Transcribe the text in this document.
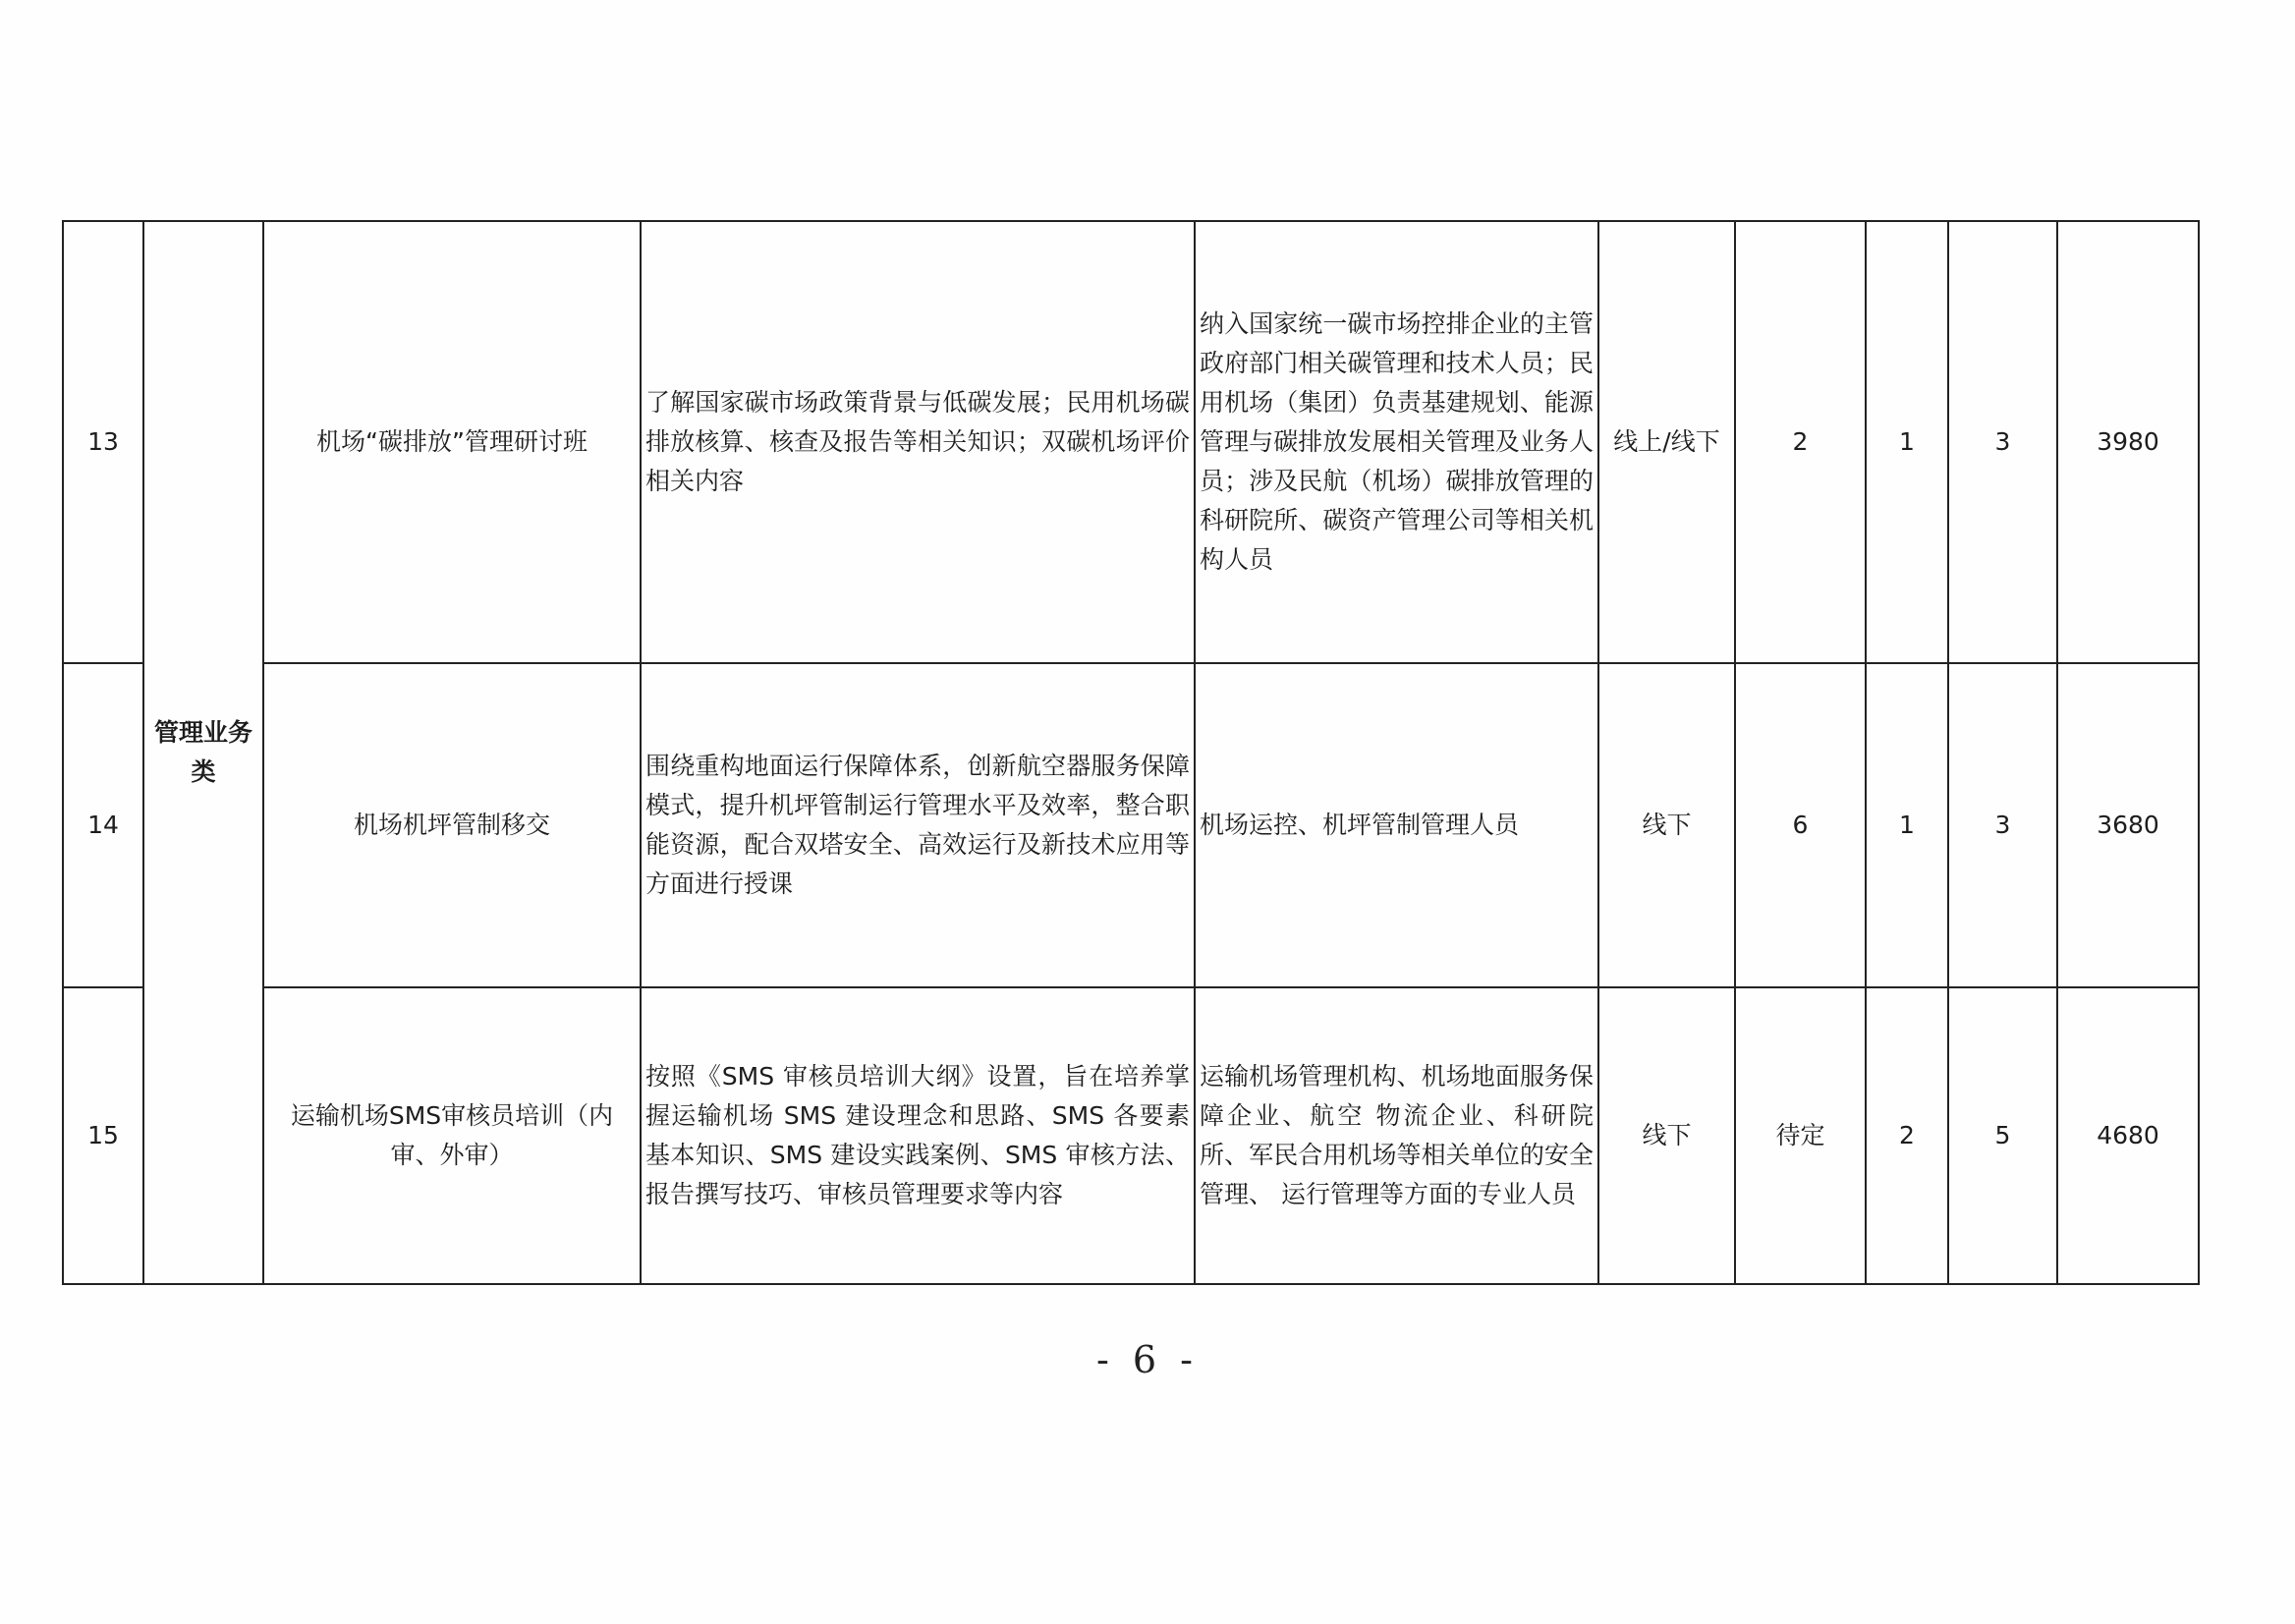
13	管理业务类	机场“碳排放”管理研讨班	了解国家碳市场政策背景与低碳发展；民用机场碳排放核算、核查及报告等相关知识；双碳机场评价相关内容	纳入国家统一碳市场控排企业的主管政府部门相关碳管理和技术人员；民用机场（集团）负责基建规划、能源管理与碳排放发展相关管理及业务人员；涉及民航（机场）碳排放管理的科研院所、碳资产管理公司等相关机构人员	线上/线下	2	1	3	3980
14		机场机坪管制移交	围绕重构地面运行保障体系，创新航空器服务保障模式，提升机坪管制运行管理水平及效率，整合职能资源，配合双塔安全、高效运行及新技术应用等方面进行授课	机场运控、机坪管制管理人员	线下	6	1	3	3680
15		运输机场SMS审核员培训（内审、外审）	按照《SMS 审核员培训大纲》设置，旨在培养掌握运输机场 SMS 建设理念和思路、SMS 各要素基本知识、SMS 建设实践案例、SMS 审核方法、报告撰写技巧、审核员管理要求等内容	运输机场管理机构、机场地面服务保障企业、航空 物流企业、科研院所、军民合用机场等相关单位的安全管理、 运行管理等方面的专业人员	线下	待定	2	5	4680
- 6 -
